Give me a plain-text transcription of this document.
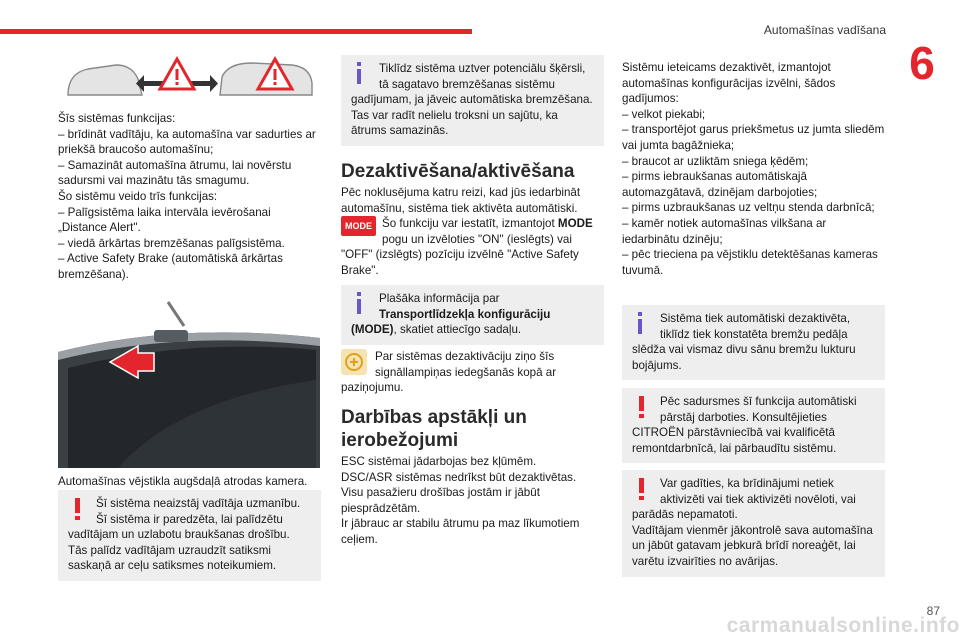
Automašīnas vadīšana
6

Šīs sistēmas funkcijas:

– brīdināt vadītāju, ka automašīna var sadurties ar priekšā braucošo automašīnu;

– Samazināt automašīna ātrumu, lai novērstu sadursmi vai mazinātu tās smagumu.

Šo sistēmu veido trīs funkcijas:

– Palīgsistēma laika intervāla ievērošanai „Distance Alert".

– viedā ārkārtas bremzēšanas palīgsistēma.

– Active Safety Brake (automātiskā ārkārtas bremzēšana).

Automašīnas vējstikla augšdaļā atrodas kamera.

Šī sistēma neaizstāj vadītāja uzmanību.

Šī sistēma ir paredzēta, lai palīdzētu vadītājam un uzlabotu braukšanas drošību.

Tās palīdz vadītājam uzraudzīt satiksmi saskaņā ar ceļu satiksmes noteikumiem.

Tiklīdz sistēma uztver potenciālu šķērsli, tā sagatavo bremzēšanas sistēmu gadījumam, ja jāveic automātiska bremzēšana. Tas var radīt nelielu troksni un sajūtu, ka ātrums samazinās.

Dezaktivēšana/aktivēšana

Pēc noklusējuma katru reizi, kad jūs iedarbināt automašīnu, sistēma tiek aktivēta automātiski.

MODE Šo funkciju var iestatīt, izmantojot MODE pogu un izvēloties "ON" (ieslēgts) vai "OFF" (izslēgts) pozīciju izvēlnē "Active Safety Brake".

Plašāka informācija par Transportlīdzekļa konfigurāciju (MODE), skatiet attiecīgo sadaļu.

Par sistēmas dezaktivāciju ziņo šīs signāllampiņas iedegšanās kopā ar paziņojumu.

Darbības apstākļi un ierobežojumi

ESC sistēmai jādarbojas bez kļūmēm.

DSC/ASR sistēmas nedrīkst būt dezaktivētas.

Visu pasažieru drošības jostām ir jābūt piesprādzētām.

Ir jābrauc ar stabilu ātrumu pa maz līkumotiem ceļiem.

Sistēmu ieteicams dezaktivēt, izmantojot automašīnas konfigurācijas izvēlni, šādos gadījumos:

– velkot piekabi;

– transportējot garus priekšmetus uz jumta sliedēm vai jumta bagāžnieka;

– braucot ar uzliktām sniega ķēdēm;

– pirms iebraukšanas automātiskajā automazgātavā, dzinējam darbojoties;

– pirms uzbraukšanas uz veltņu stenda darbnīcā;

– kamēr notiek automašīnas vilkšana ar iedarbinātu dzinēju;

– pēc trieciena pa vējstiklu detektēšanas kameras tuvumā.

Sistēma tiek automātiski dezaktivēta, tiklīdz tiek konstatēta bremžu pedāļa slēdža vai vismaz divu sānu bremžu lukturu bojājums.

Pēc sadursmes šī funkcija automātiski pārstāj darboties. Konsultējieties CITROËN pārstāvniecībā vai kvalificētā remontdarbnīcā, lai pārbaudītu sistēmu.

Var gadīties, ka brīdinājumi netiek aktivizēti vai tiek aktivizēti novēloti, vai parādās nepamatoti.

Vadītājam vienmēr jākontrolē sava automašīna un jābūt gatavam jebkurā brīdī noreaģēt, lai varētu izvairīties no avārijas.

87
carmanualsonline.info
